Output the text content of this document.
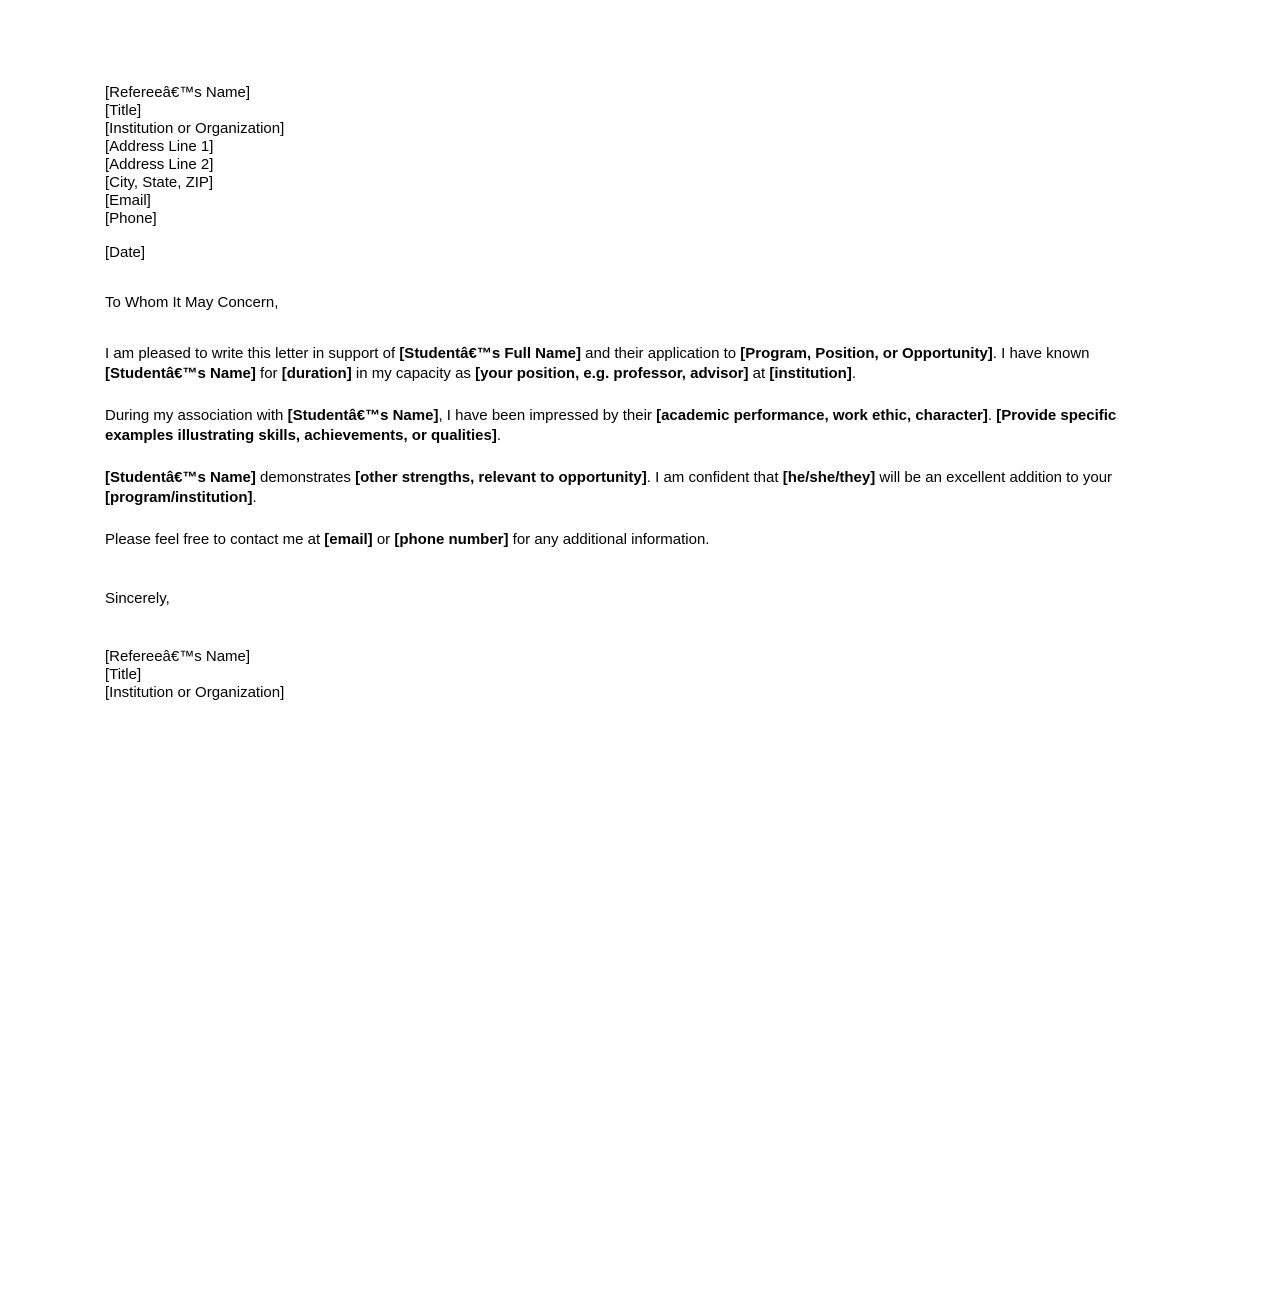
[Refereeâ€™s Name]
[Title]
[Institution or Organization]
[Address Line 1]
[Address Line 2]
[City, State, ZIP]
[Email]
[Phone]
[Date]
To Whom It May Concern,
I am pleased to write this letter in support of [Studentâ€™s Full Name] and their application to [Program, Position, or Opportunity]. I have known [Studentâ€™s Name] for [duration] in my capacity as [your position, e.g. professor, advisor] at [institution].
During my association with [Studentâ€™s Name], I have been impressed by their [academic performance, work ethic, character]. [Provide specific examples illustrating skills, achievements, or qualities].
[Studentâ€™s Name] demonstrates [other strengths, relevant to opportunity]. I am confident that [he/she/they] will be an excellent addition to your [program/institution].
Please feel free to contact me at [email] or [phone number] for any additional information.
Sincerely,
[Refereeâ€™s Name]
[Title]
[Institution or Organization]
